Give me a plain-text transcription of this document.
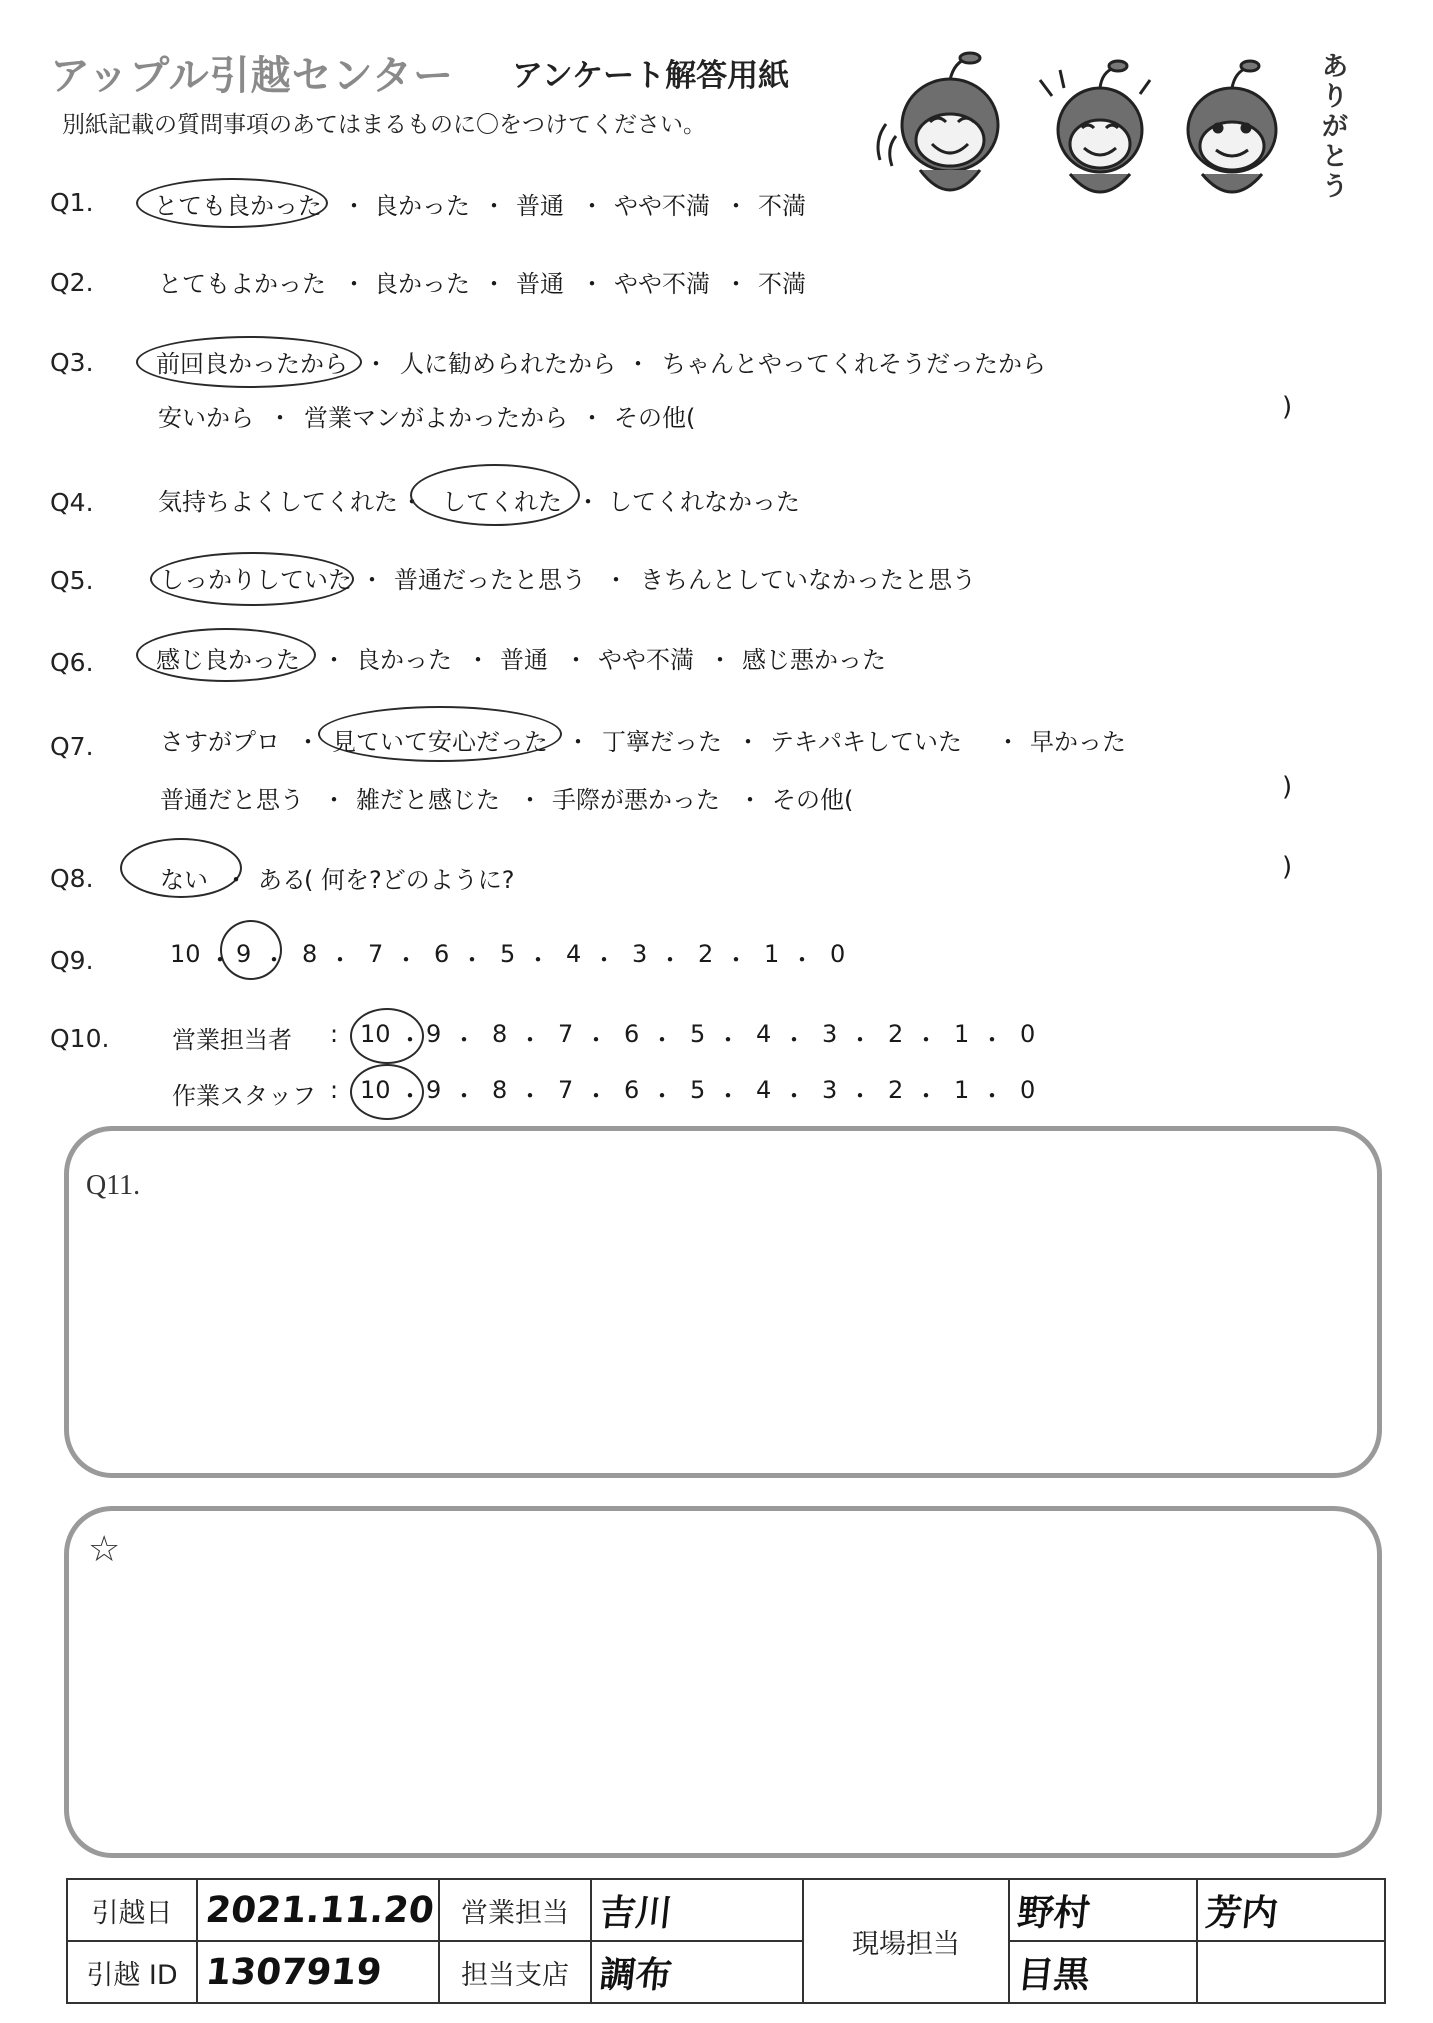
アップル引越センター アンケート解答用紙
別紙記載の質問事項のあてはまるものに〇をつけてください。
ありがとう
Q1.	とても良かった ・ 良かった ・ 普通 ・ やや不満 ・ 不満
Q2.	とてもよかった ・ 良かった ・ 普通 ・ やや不満 ・ 不満
Q3.	前回良かったから ・ 人に勧められたから ・ ちゃんとやってくれそうだったから
安いから ・ 営業マンがよかったから ・ その他(	)
Q4.	気持ちよくしてくれた ・ してくれた ・ してくれなかった
Q5.	しっかりしていた ・ 普通だったと思う ・ きちんとしていなかったと思う
Q6.	感じ良かった ・ 良かった ・ 普通 ・ やや不満 ・ 感じ悪かった
Q7.	さすがプロ ・ 見ていて安心だった ・ 丁寧だった ・ テキパキしていた ・ 早かった
普通だと思う ・ 雑だと感じた ・ 手際が悪かった ・ その他(	)
Q8.	ない ・ ある
( 何を?どのように?	)
Q9.	10 ・ 9 ・ 8 ・ 7 ・ 6 ・ 5 ・ 4 ・ 3 ・ 2 ・ 1 ・ 0
Q10.	営業担当者 :
作業スタッフ :
10 ・ 9 ・ 8 ・ 7 ・ 6 ・ 5 ・ 4 ・ 3 ・ 2 ・ 1 ・ 0
10 ・ 9 ・ 8 ・ 7 ・ 6 ・ 5 ・ 4 ・ 3 ・ 2 ・ 1 ・ 0
Q11.
☆
引越日	2021.11.20	営業担当	吉川	現場担当	野村	芳内
引越 ID	1307919	担当支店	調布		目黒	
